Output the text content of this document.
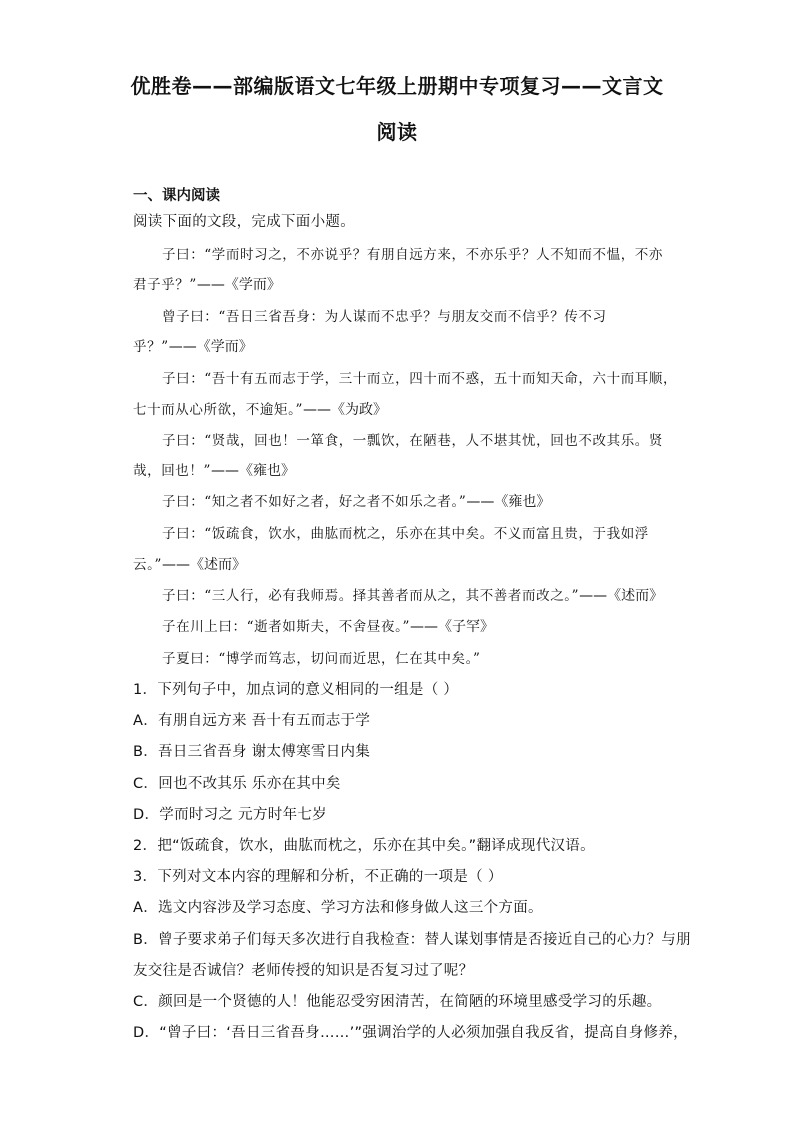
优胜卷——部编版语文七年级上册期中专项复习——文言文
阅读
一、课内阅读
阅读下面的文段，完成下面小题。
子曰：“学而时习之，不亦说乎？有朋自远方来，不亦乐乎？人不知而不愠，不亦
君子乎？”——《学而》
曾子曰：“吾日三省吾身：为人谋而不忠乎？与朋友交而不信乎？传不习
乎？”——《学而》
子曰：“吾十有五而志于学，三十而立，四十而不惑，五十而知天命，六十而耳顺，
七十而从心所欲，不逾矩。”——《为政》
子曰：“贤哉，回也！一箪食，一瓢饮，在陋巷，人不堪其忧，回也不改其乐。贤
哉，回也！”——《雍也》
子曰：“知之者不如好之者，好之者不如乐之者。”——《雍也》
子曰：“饭疏食，饮水，曲肱而枕之，乐亦在其中矣。不义而富且贵，于我如浮
云。”——《述而》
子曰：“三人行，必有我师焉。择其善者而从之，其不善者而改之。”——《述而》
子在川上曰：“逝者如斯夫，不舍昼夜。”——《子罕》
子夏曰：“博学而笃志，切问而近思，仁在其中矣。”
1．下列句子中，加点词的意义相同的一组是（ ）
A．有朋自远方来 吾十有五而志于学
B．吾日三省吾身 谢太傅寒雪日内集
C．回也不改其乐 乐亦在其中矣
D．学而时习之 元方时年七岁
2．把“饭疏食，饮水，曲肱而枕之，乐亦在其中矣。”翻译成现代汉语。
3．下列对文本内容的理解和分析，不正确的一项是（ ）
A．选文内容涉及学习态度、学习方法和修身做人这三个方面。
B．曾子要求弟子们每天多次进行自我检查：替人谋划事情是否接近自己的心力？与朋
友交往是否诚信？老师传授的知识是否复习过了呢？
C．颜回是一个贤德的人！他能忍受穷困清苦，在简陋的环境里感受学习的乐趣。
D．“曾子曰：‘吾日三省吾身……’”强调治学的人必须加强自我反省，提高自身修养，
